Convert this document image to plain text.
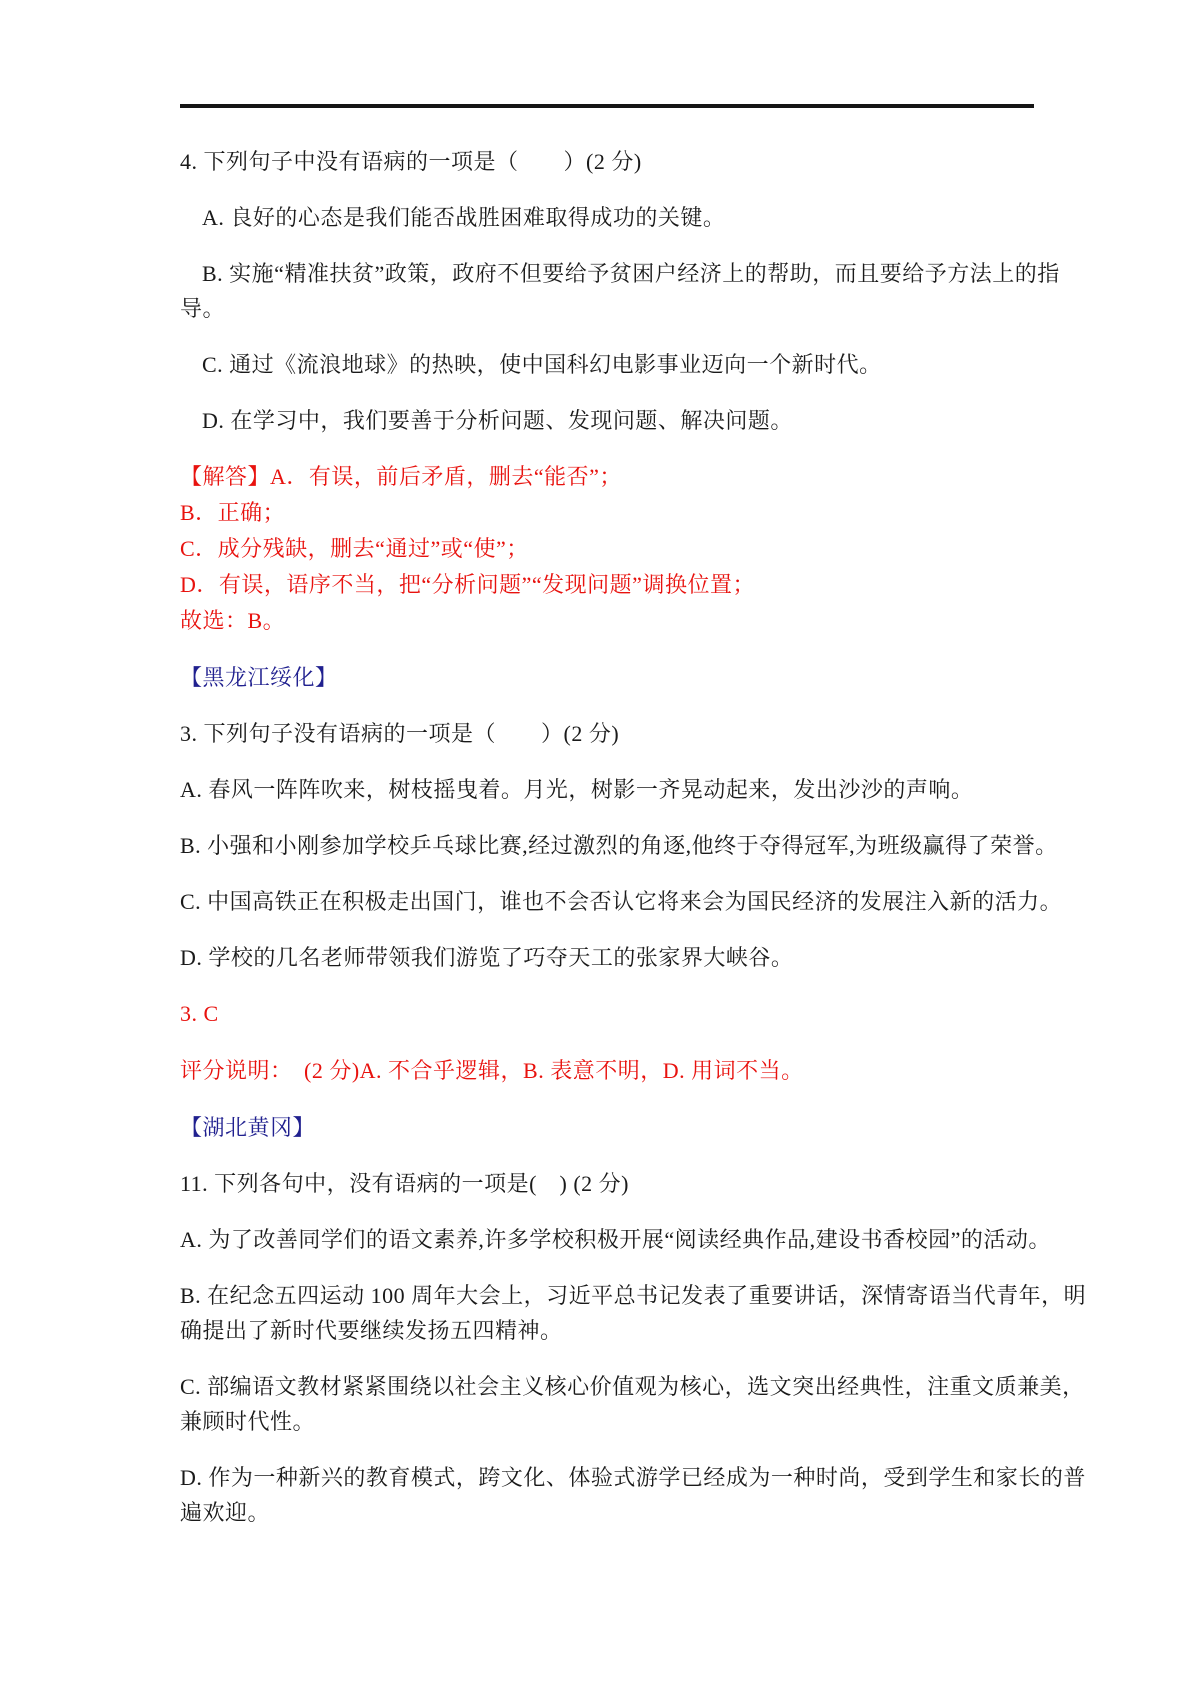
4. 下列句子中没有语病的一项是（　　）(2 分)

A. 良好的心态是我们能否战胜困难取得成功的关键。

B. 实施“精准扶贫”政策，政府不但要给予贫困户经济上的帮助，而且要给予方法上的指

导。

C. 通过《流浪地球》的热映，使中国科幻电影事业迈向一个新时代。

D. 在学习中，我们要善于分析问题、发现问题、解决问题。

【解答】A．有误，前后矛盾，删去“能否”；

B．正确；

C．成分残缺，删去“通过”或“使”；

D．有误，语序不当，把“分析问题”“发现问题”调换位置；

故选：B。

【黑龙江绥化】

3. 下列句子没有语病的一项是（　　）(2 分)

A. 春风一阵阵吹来，树枝摇曳着。月光，树影一齐晃动起来，发出沙沙的声响。

B. 小强和小刚参加学校乒乓球比赛,经过激烈的角逐,他终于夺得冠军,为班级赢得了荣誉。

C. 中国高铁正在积极走出国门，谁也不会否认它将来会为国民经济的发展注入新的活力。

D. 学校的几名老师带领我们游览了巧夺天工的张家界大峡谷。

3. C

评分说明：　(2 分)A. 不合乎逻辑，B. 表意不明，D. 用词不当。

【湖北黄冈】

11. 下列各句中，没有语病的一项是(　) (2 分)

A. 为了改善同学们的语文素养,许多学校积极开展“阅读经典作品,建设书香校园”的活动。

B. 在纪念五四运动 100 周年大会上，习近平总书记发表了重要讲话，深情寄语当代青年，明

确提出了新时代要继续发扬五四精神。

C. 部编语文教材紧紧围绕以社会主义核心价值观为核心，选文突出经典性，注重文质兼美，

兼顾时代性。

D. 作为一种新兴的教育模式，跨文化、体验式游学已经成为一种时尚，受到学生和家长的普

遍欢迎。
